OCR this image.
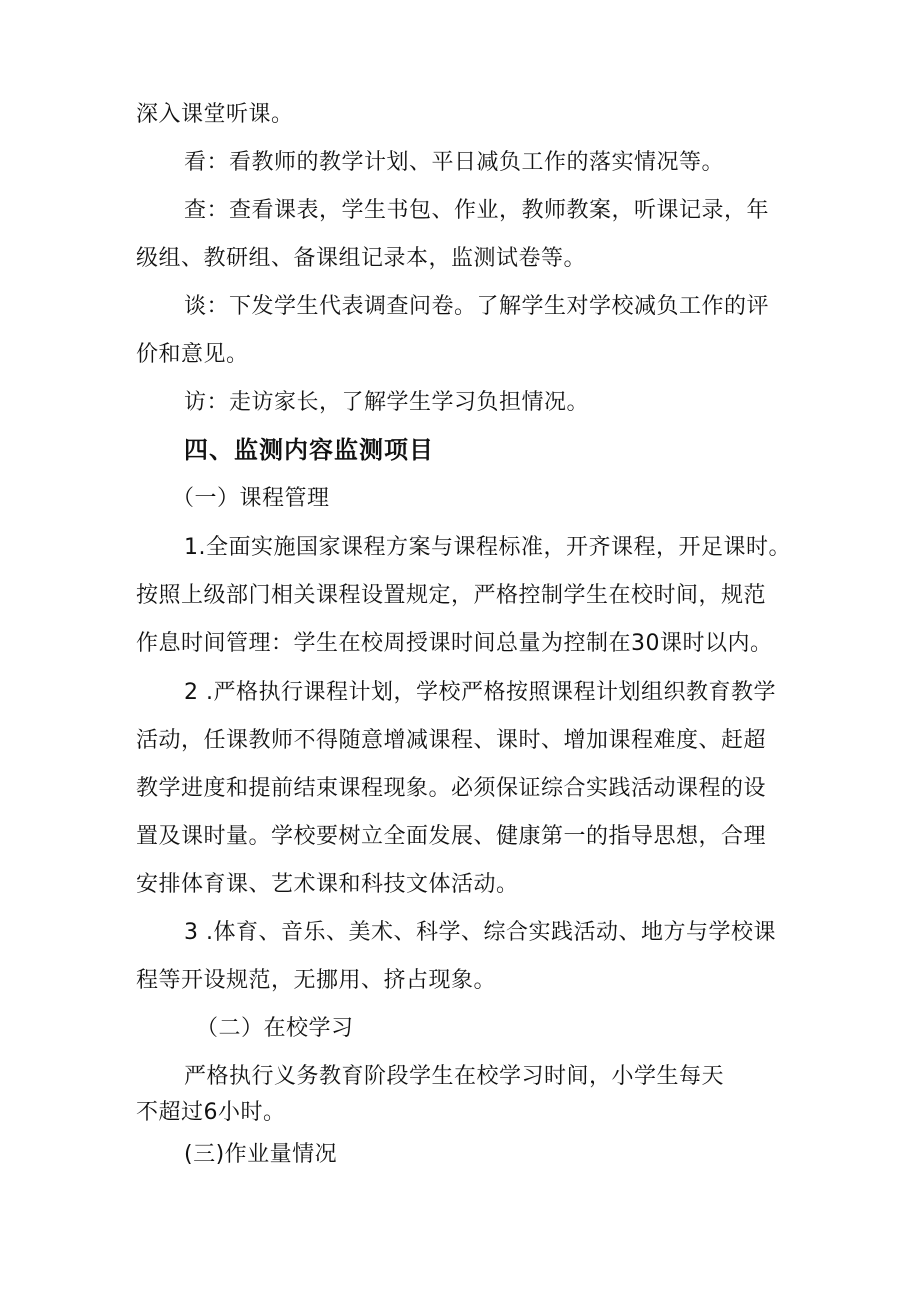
深入课堂听课。
看：看教师的教学计划、平日减负工作的落实情况等。
查：查看课表，学生书包、作业，教师教案，听课记录，年
级组、教研组、备课组记录本，监测试卷等。
谈：下发学生代表调查问卷。了解学生对学校减负工作的评
价和意见。
访：走访家长，了解学生学习负担情况。
四、监测内容监测项目
（一）课程管理
1.全面实施国家课程方案与课程标准，开齐课程，开足课时。
按照上级部门相关课程设置规定，严格控制学生在校时间，规范
作息时间管理：学生在校周授课时间总量为控制在30课时以内。
2 .严格执行课程计划，学校严格按照课程计划组织教育教学
活动，任课教师不得随意增减课程、课时、增加课程难度、赶超
教学进度和提前结束课程现象。必须保证综合实践活动课程的设
置及课时量。学校要树立全面发展、健康第一的指导思想，合理
安排体育课、艺术课和科技文体活动。
3 .体育、音乐、美术、科学、综合实践活动、地方与学校课
程等开设规范，无挪用、挤占现象。
（二）在校学习
严格执行义务教育阶段学生在校学习时间，小学生每天
不超过6小时。
(三)作业量情况
